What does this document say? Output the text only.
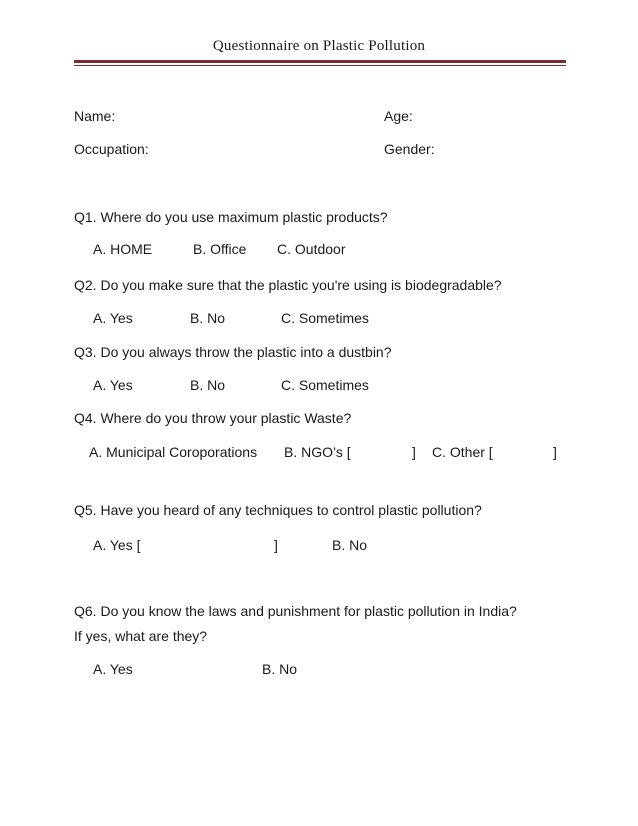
Questionnaire on Plastic Pollution
Name:	Age:
Occupation:	Gender:
Q1. Where do you use maximum plastic products?
A. HOME	B. Office C. Outdoor
Q2. Do you make sure that the plastic you're using is biodegradable?
A. Yes	B. No	C. Sometimes
Q3. Do you always throw the plastic into a dustbin?
A. Yes	B. No	C. Sometimes
Q4. Where do you throw your plastic Waste?
A. Municipal Coroporations B. NGO’s [	] C. Other [	]
Q5. Have you heard of any techniques to control plastic pollution?
A. Yes [	]	B. No
Q6. Do you know the laws and punishment for plastic pollution in India?
If yes, what are they?
A. Yes	B. No
